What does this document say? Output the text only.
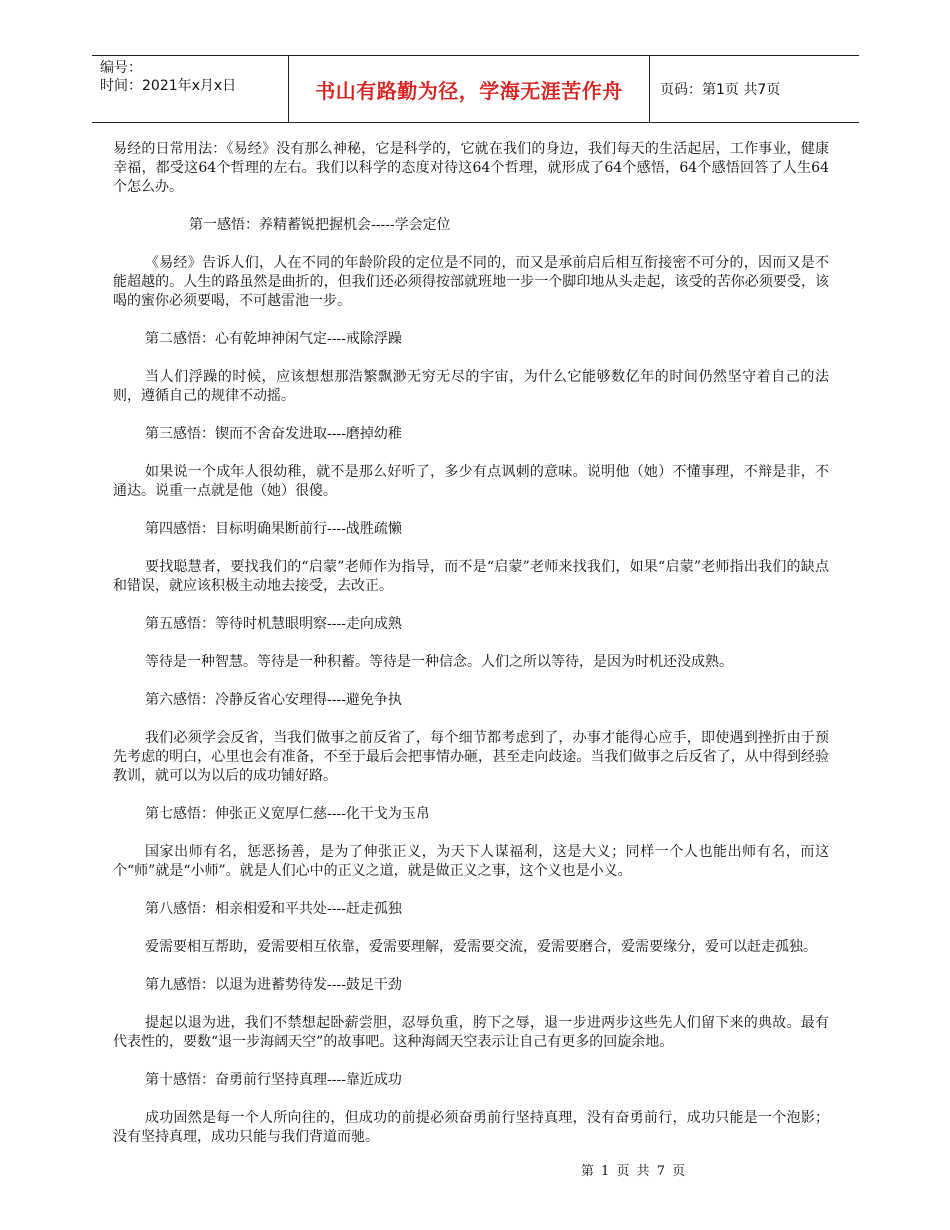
编号：
时间：2021年x月x日	书山有路勤为径，学海无涯苦作舟	页码：第1页 共7页

易经的日常用法：《易经》没有那么神秘，它是科学的，它就在我们的身边，我们每天的生活起居，工作事业，健康幸福，都受这64个哲理的左右。我们以科学的态度对待这64个哲理，就形成了64个感悟，64个感悟回答了人生64个怎么办。

第一感悟：养精蓄锐把握机会-----学会定位

《易经》告诉人们，人在不同的年龄阶段的定位是不同的，而又是承前启后相互衔接密不可分的，因而又是不能超越的。人生的路虽然是曲折的，但我们还必须得按部就班地一步一个脚印地从头走起，该受的苦你必须要受，该喝的蜜你必须要喝，不可越雷池一步。

第二感悟：心有乾坤神闲气定----戒除浮躁

当人们浮躁的时候，应该想想那浩繁飘渺无穷无尽的宇宙，为什么它能够数亿年的时间仍然坚守着自己的法则，遵循自己的规律不动摇。

第三感悟：锲而不舍奋发进取----磨掉幼稚

如果说一个成年人很幼稚，就不是那么好听了，多少有点讽刺的意味。说明他（她）不懂事理，不辩是非，不通达。说重一点就是他（她）很傻。

第四感悟：目标明确果断前行----战胜疏懒

要找聪慧者，要找我们的“启蒙”老师作为指导，而不是“启蒙”老师来找我们，如果“启蒙”老师指出我们的缺点和错误，就应该积极主动地去接受，去改正。

第五感悟：等待时机慧眼明察----走向成熟

等待是一种智慧。等待是一种积蓄。等待是一种信念。人们之所以等待，是因为时机还没成熟。

第六感悟：冷静反省心安理得----避免争执

我们必须学会反省，当我们做事之前反省了，每个细节都考虑到了，办事才能得心应手，即使遇到挫折由于预先考虑的明白，心里也会有准备，不至于最后会把事情办砸，甚至走向歧途。当我们做事之后反省了，从中得到经验教训，就可以为以后的成功铺好路。

第七感悟：伸张正义宽厚仁慈----化干戈为玉帛

国家出师有名，惩恶扬善，是为了伸张正义，为天下人谋福利，这是大义；同样一个人也能出师有名，而这个“师”就是“小师”。就是人们心中的正义之道，就是做正义之事，这个义也是小义。

第八感悟：相亲相爱和平共处----赶走孤独

爱需要相互帮助，爱需要相互依靠，爱需要理解，爱需要交流，爱需要磨合，爱需要缘分，爱可以赶走孤独。

第九感悟：以退为进蓄势待发----鼓足干劲

提起以退为进，我们不禁想起卧薪尝胆，忍辱负重，胯下之辱，退一步进两步这些先人们留下来的典故。最有代表性的，要数“退一步海阔天空”的故事吧。这种海阔天空表示让自己有更多的回旋余地。

第十感悟：奋勇前行坚持真理----靠近成功

成功固然是每一个人所向往的，但成功的前提必须奋勇前行坚持真理，没有奋勇前行，成功只能是一个泡影；没有坚持真理，成功只能与我们背道而驰。

第 1 页 共 7 页
